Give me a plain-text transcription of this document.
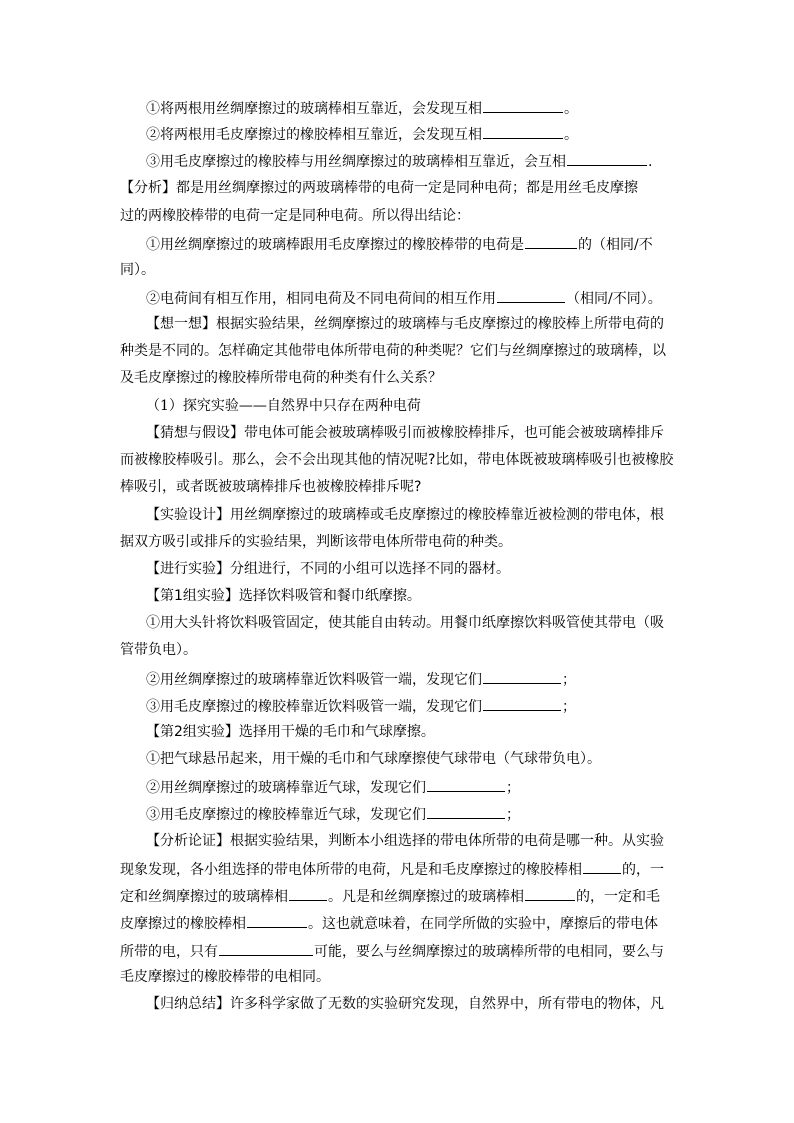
①将两根用丝绸摩擦过的玻璃棒相互靠近，会发现互相	。
②将两根用毛皮摩擦过的橡胶棒相互靠近，会发现互相	。
③用毛皮摩擦过的橡胶棒与用丝绸摩擦过的玻璃棒相互靠近，会互相	.
【分析】都是用丝绸摩擦过的两玻璃棒带的电荷一定是同种电荷；都是用丝毛皮摩擦
过的两橡胶棒带的电荷一定是同种电荷。所以得出结论：
①用丝绸摩擦过的玻璃棒跟用毛皮摩擦过的橡胶棒带的电荷是	的（相同/不
同）。
②电荷间有相互作用，相同电荷及不同电荷间的相互作用	（相同/不同）。
【想一想】根据实验结果，丝绸摩擦过的玻璃棒与毛皮摩擦过的橡胶棒上所带电荷的
种类是不同的。怎样确定其他带电体所带电荷的种类呢？它们与丝绸摩擦过的玻璃棒，以
及毛皮摩擦过的橡胶棒所带电荷的种类有什么关系？
（1）探究实验——自然界中只存在两种电荷
【猜想与假设】带电体可能会被玻璃棒吸引而被橡胶棒排斥，也可能会被玻璃棒排斥
而被橡胶棒吸引。那么，会不会出现其他的情况呢?比如，带电体既被玻璃棒吸引也被橡胶
棒吸引，或者既被玻璃棒排斥也被橡胶棒排斥呢?
【实验设计】用丝绸摩擦过的玻璃棒或毛皮摩擦过的橡胶棒靠近被检测的带电体，根
据双方吸引或排斥的实验结果，判断该带电体所带电荷的种类。
【进行实验】分组进行，不同的小组可以选择不同的器材。
【第1组实验】选择饮料吸管和餐巾纸摩擦。
①用大头针将饮料吸管固定，使其能自由转动。用餐巾纸摩擦饮料吸管使其带电（吸
管带负电）。
②用丝绸摩擦过的玻璃棒靠近饮料吸管一端，发现它们	；
③用毛皮摩擦过的橡胶棒靠近饮料吸管一端，发现它们	；
【第2组实验】选择用干燥的毛巾和气球摩擦。
①把气球悬吊起来，用干燥的毛巾和气球摩擦使气球带电（气球带负电）。
②用丝绸摩擦过的玻璃棒靠近气球，发现它们	；
③用毛皮摩擦过的橡胶棒靠近气球，发现它们	；
【分析论证】根据实验结果，判断本小组选择的带电体所带的电荷是哪一种。从实验
现象发现，各小组选择的带电体所带的电荷，凡是和毛皮摩擦过的橡胶棒相	的，一
定和丝绸摩擦过的玻璃棒相	。凡是和丝绸摩擦过的玻璃棒相	的，一定和毛
皮摩擦过的橡胶棒相	。这也就意味着，在同学所做的实验中，摩擦后的带电体
所带的电，只有	可能，要么与丝绸摩擦过的玻璃棒所带的电相同，要么与
毛皮摩擦过的橡胶棒带的电相同。
【归纳总结】许多科学家做了无数的实验研究发现，自然界中，所有带电的物体，凡
